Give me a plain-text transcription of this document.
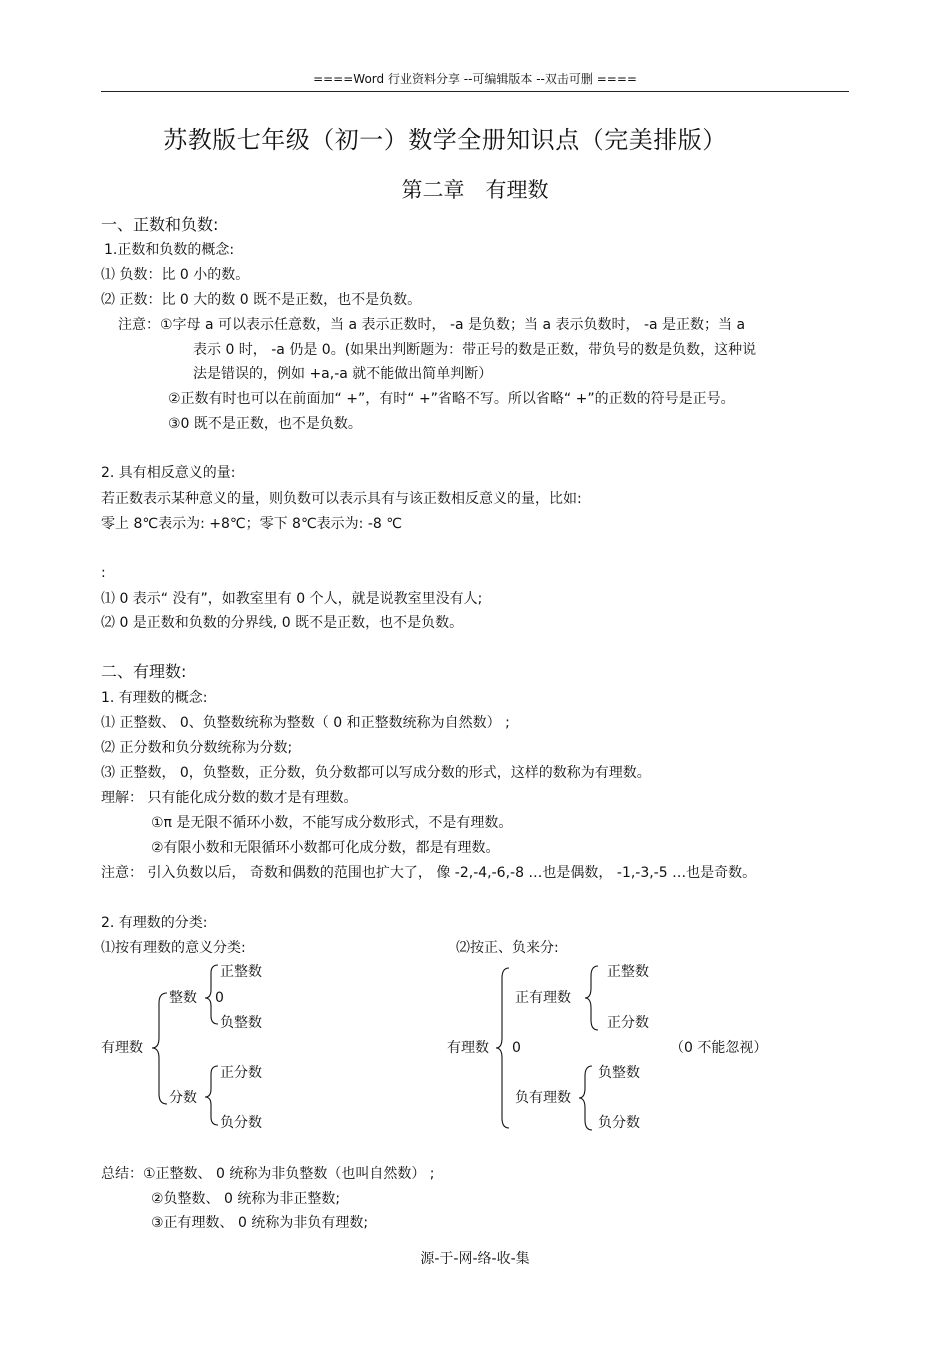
====Word 行业资料分享 --可编辑版本 --双击可删 ====
苏教版七年级（初一）数学全册知识点（完美排版）
第二章　有理数
一、正数和负数:
1.正数和负数的概念:
⑴ 负数：比 0 小的数。
⑵ 正数：比 0 大的数 0 既不是正数，也不是负数。
注意：①字母 a 可以表示任意数，当 a 表示正数时， -a 是负数；当 a 表示负数时， -a 是正数；当 a
表示 0 时， -a 仍是 0。(如果出判断题为：带正号的数是正数，带负号的数是负数，这种说
法是错误的，例如 +a,-a 就不能做出简单判断）
②正数有时也可以在前面加“ +”，有时“ +”省略不写。所以省略“ +”的正数的符号是正号。
③0 既不是正数，也不是负数。
2. 具有相反意义的量:
若正数表示某种意义的量，则负数可以表示具有与该正数相反意义的量，比如:
零上 8℃表示为: +8℃；零下 8℃表示为: -8 ℃
:
⑴ 0 表示“ 没有”，如教室里有 0 个人，就是说教室里没有人;
⑵ 0 是正数和负数的分界线, 0 既不是正数，也不是负数。
二、有理数:
1. 有理数的概念:
⑴ 正整数、 0、负整数统称为整数（ 0 和正整数统称为自然数） ;
⑵ 正分数和负分数统称为分数;
⑶ 正整数， 0，负整数，正分数，负分数都可以写成分数的形式，这样的数称为有理数。
理解： 只有能化成分数的数才是有理数。
①π 是无限不循环小数，不能写成分数形式，不是有理数。
②有限小数和无限循环小数都可化成分数，都是有理数。
注意： 引入负数以后， 奇数和偶数的范围也扩大了， 像 -2,-4,-6,-8 …也是偶数， -1,-3,-5 …也是奇数。
2. 有理数的分类:
⑴按有理数的意义分类:	⑵按正、负来分:
有理数
整数
正整数
0
负整数
分数
正分数
负分数
有理数
正有理数
正整数
正分数
0	（0 不能忽视）
负有理数
负整数
负分数
总结：①正整数、 0 统称为非负整数（也叫自然数） ;
②负整数、 0 统称为非正整数;
③正有理数、 0 统称为非负有理数;
源-于-网-络-收-集
